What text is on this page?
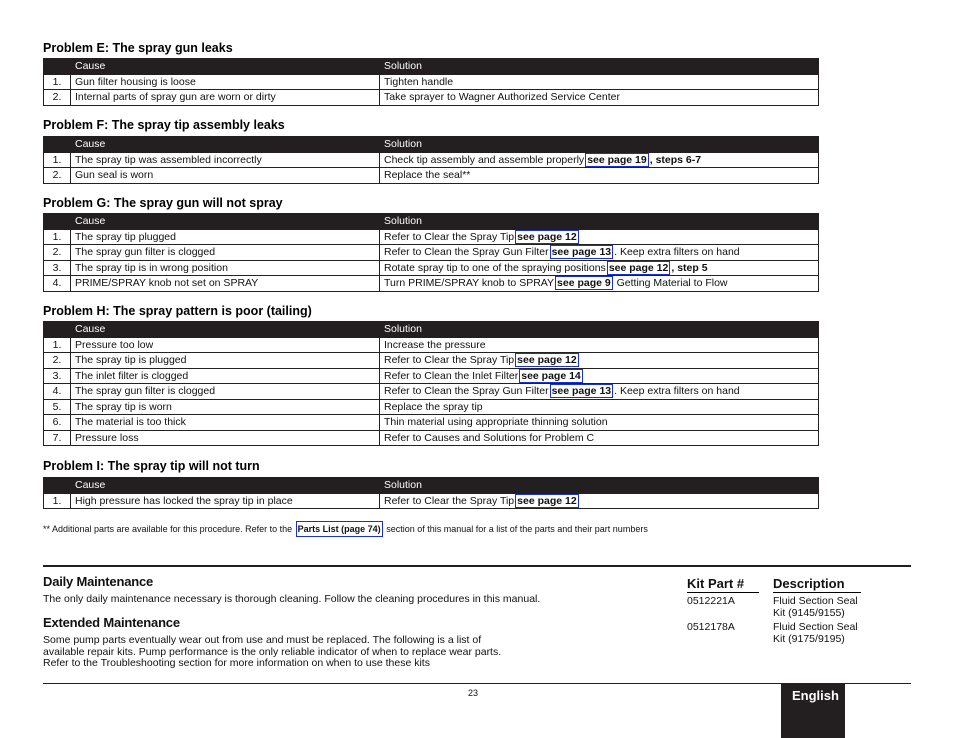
Problem E: The spray gun leaks
	Cause	Solution
1.	Gun filter housing is loose	Tighten handle
2.	Internal parts of spray gun are worn or dirty	Take sprayer to Wagner Authorized Service Center
Problem F: The spray tip assembly leaks
	Cause	Solution
1.	The spray tip was assembled incorrectly	Check tip assembly and assemble properly see page 19 , steps 6-7
2.	Gun seal is worn	Replace the seal**
Problem G: The spray gun will not spray
	Cause	Solution
1.	The spray tip plugged	Refer to Clear the Spray Tip see page 12
2.	The spray gun filter is clogged	Refer to Clean the Spray Gun Filter see page 13 . Keep extra filters on hand
3.	The spray tip is in wrong position	Rotate spray tip to one of the spraying positions see page 12 , step 5
4.	PRIME/SPRAY knob not set on SPRAY	Turn PRIME/SPRAY knob to SPRAY see page 9 Getting Material to Flow
Problem H: The spray pattern is poor (tailing)
	Cause	Solution
1.	Pressure too low	Increase the pressure
2.	The spray tip is plugged	Refer to Clear the Spray Tip see page 12
3.	The inlet filter is clogged	Refer to Clean the Inlet Filter see page 14
4.	The spray gun filter is clogged	Refer to Clean the Spray Gun Filter see page 13 . Keep extra filters on hand
5.	The spray tip is worn	Replace the spray tip
6.	The material is too thick	Thin material using appropriate thinning solution
7.	Pressure loss	Refer to Causes and Solutions for Problem C
Problem I: The spray tip will not turn
	Cause	Solution
1.	High pressure has locked the spray tip in place	Refer to Clear the Spray Tip see page 12
** Additional parts are available for this procedure. Refer to the Parts List (page 74) section of this manual for a list of the parts and their part numbers
Daily Maintenance
The only daily maintenance necessary is thorough cleaning. Follow the cleaning procedures in this manual.
Extended Maintenance
Some pump parts eventually wear out from use and must be replaced. The following is a list of
available repair kits. Pump performance is the only reliable indicator of when to replace wear parts.
Refer to the Troubleshooting section for more information on when to use these kits
Kit Part #	Description
0512221A	Fluid Section Seal
Kit (9145/9155)
0512178A	Fluid Section Seal
Kit (9175/9195)
23	English
